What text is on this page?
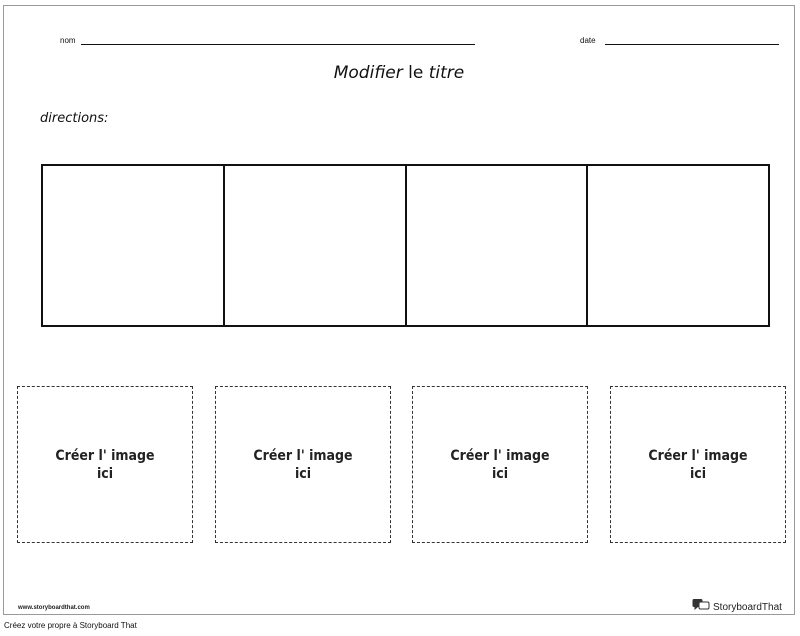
nom	date
Modifier le titre
directions:
Créer l' image
ici
Créer l' image
ici
Créer l' image
ici
Créer l' image
ici
www.storyboardthat.com	StoryboardThat
Créez votre propre à Storyboard That
